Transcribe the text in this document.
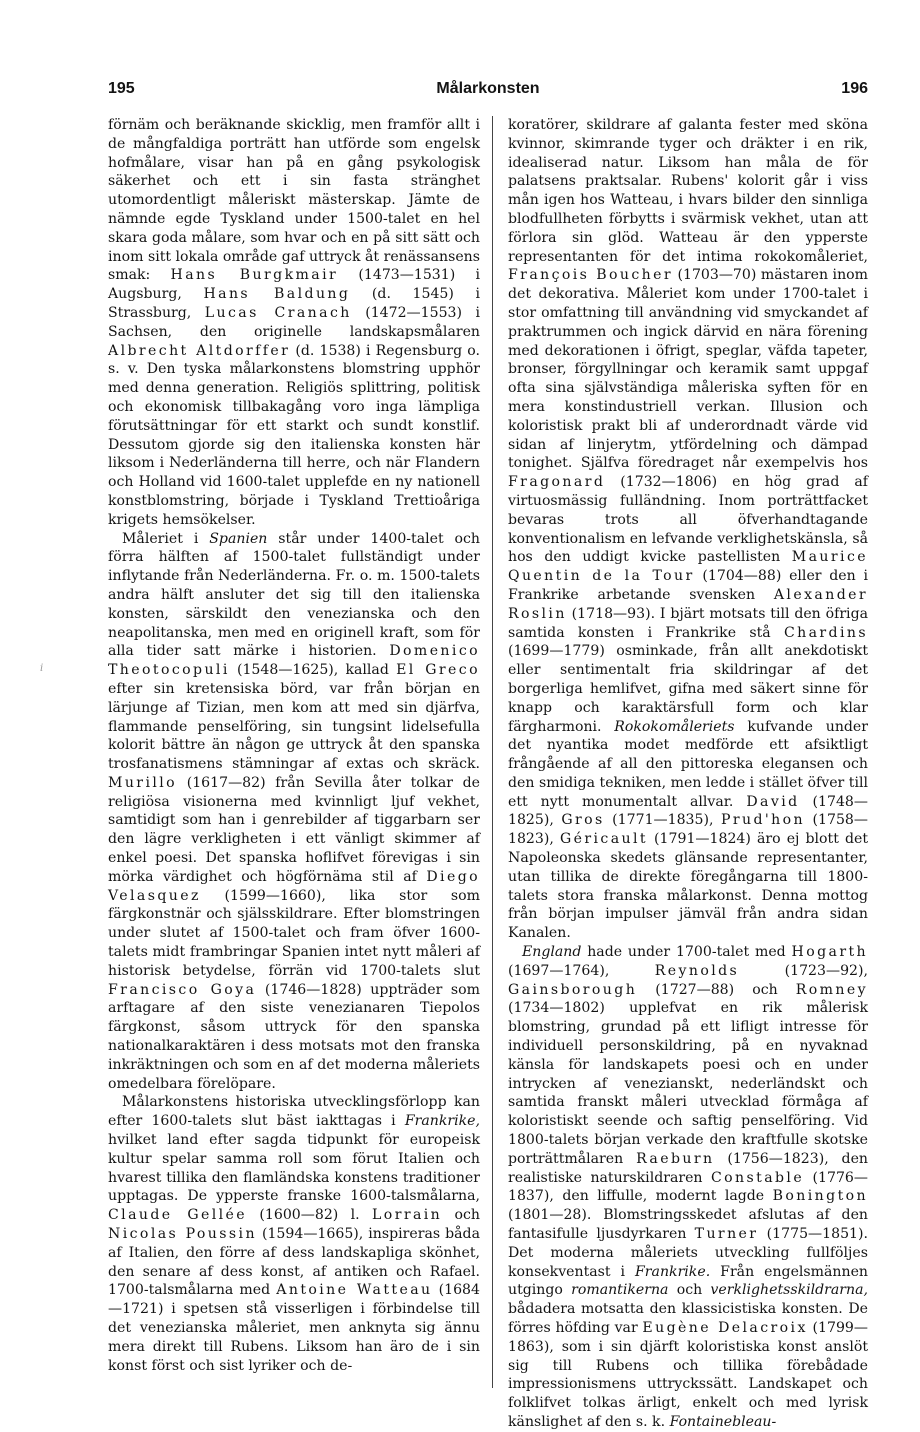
195	Målarkonsten	196
i

förnäm och beräknande skicklig, men framför allt i de mångfaldiga porträtt han utförde som engelsk hofmålare, visar han på en gång psykologisk säkerhet och ett i sin fasta stränghet utomordentligt måleriskt mästerskap. Jämte de nämnde egde Tyskland under 1500-talet en hel skara goda målare, som hvar och en på sitt sätt och inom sitt lokala område gaf uttryck åt renässansens smak: Hans Burgkmair (1473—1531) i Augsburg, Hans Baldung (d. 1545) i Strassburg, Lucas Cranach (1472—1553) i Sachsen, den originelle landskapsmålaren Albrecht Altdorffer (d. 1538) i Regensburg o. s. v. Den tyska målarkonstens blomstring upphör med denna generation. Religiös splittring, politisk och ekonomisk tillbakagång voro inga lämpliga förutsättningar för ett starkt och sundt konstlif. Dessutom gjorde sig den italienska konsten här liksom i Nederländerna till herre, och när Flandern och Holland vid 1600-talet upplefde en ny nationell konstblomstring, började i Tyskland Trettioåriga krigets hemsökelser.

Måleriet i Spanien står under 1400-talet och förra hälften af 1500-talet fullständigt under inflytande från Nederländerna. Fr. o. m. 1500-talets andra hälft ansluter det sig till den italienska konsten, särskildt den venezianska och den neapolitanska, men med en originell kraft, som för alla tider satt märke i historien. Domenico Theotocopuli (1548—1625), kallad El Greco efter sin kretensiska börd, var från början en lärjunge af Tizian, men kom att med sin djärfva, flammande penselföring, sin tungsint lidelsefulla kolorit bättre än någon ge uttryck åt den spanska trosfanatismens stämningar af extas och skräck. Murillo (1617—82) från Sevilla åter tolkar de religiösa visionerna med kvinnligt ljuf vekhet, samtidigt som han i genrebilder af tiggarbarn ser den lägre verkligheten i ett vänligt skimmer af enkel poesi. Det spanska hoflifvet förevigas i sin mörka värdighet och högförnäma stil af Diego Velasquez (1599—1660), lika stor som färgkonstnär och själsskildrare. Efter blomstringen under slutet af 1500-talet och fram öfver 1600-talets midt frambringar Spanien intet nytt måleri af historisk betydelse, förrän vid 1700-talets slut Francisco Goya (1746—1828) uppträder som arftagare af den siste venezianaren Tiepolos färgkonst, såsom uttryck för den spanska nationalkaraktären i dess motsats mot den franska inkräktningen och som en af det moderna måleriets omedelbara förelöpare.

Målarkonstens historiska utvecklingsförlopp kan efter 1600-talets slut bäst iakttagas i Frankrike, hvilket land efter sagda tidpunkt för europeisk kultur spelar samma roll som förut Italien och hvarest tillika den flamländska konstens traditioner upptagas. De ypperste franske 1600-talsmålarna, Claude Gellée (1600—82) l. Lorrain och Nicolas Poussin (1594—1665), inspireras båda af Italien, den förre af dess landskapliga skönhet, den senare af dess konst, af antiken och Rafael. 1700-talsmålarna med Antoine Watteau (1684—1721) i spetsen stå visserligen i förbindelse till det venezianska måleriet, men anknyta sig ännu mera direkt till Rubens. Liksom han äro de i sin konst först och sist lyriker och de-

koratörer, skildrare af galanta fester med sköna kvinnor, skimrande tyger och dräkter i en rik, idealiserad natur. Liksom han måla de för palatsens praktsalar. Rubens' kolorit går i viss mån igen hos Watteau, i hvars bilder den sinnliga blodfullheten förbytts i svärmisk vekhet, utan att förlora sin glöd. Watteau är den ypperste representanten för det intima rokokomåleriet, François Boucher (1703—70) mästaren inom det dekorativa. Måleriet kom under 1700-talet i stor omfattning till användning vid smyckandet af praktrummen och ingick därvid en nära förening med dekorationen i öfrigt, speglar, väfda tapeter, bronser, förgyllningar och keramik samt uppgaf ofta sina självständiga måleriska syften för en mera konstindustriell verkan. Illusion och koloristisk prakt bli af underordnadt värde vid sidan af linjerytm, ytfördelning och dämpad tonighet. Själfva föredraget når exempelvis hos Fragonard (1732—1806) en hög grad af virtuosmässig fulländning. Inom porträttfacket bevaras trots all öfverhandtagande konventionalism en lefvande verklighetskänsla, så hos den uddigt kvicke pastellisten Maurice Quentin de la Tour (1704—88) eller den i Frankrike arbetande svensken Alexander Roslin (1718—93). I bjärt motsats till den öfriga samtida konsten i Frankrike stå Chardins (1699—1779) osminkade, från allt anekdotiskt eller sentimentalt fria skildringar af det borgerliga hemlifvet, gifna med säkert sinne för knapp och karaktärsfull form och klar färgharmoni. Rokokomåleriets kufvande under det nyantika modet medförde ett afsiktligt frångående af all den pittoreska elegansen och den smidiga tekniken, men ledde i stället öfver till ett nytt monumentalt allvar. David (1748—1825), Gros (1771—1835), Prud'hon (1758—1823), Géricault (1791—1824) äro ej blott det Napoleonska skedets glänsande representanter, utan tillika de direkte föregångarna till 1800-talets stora franska målarkonst. Denna mottog från början impulser jämväl från andra sidan Kanalen.

England hade under 1700-talet med Hogarth (1697—1764), Reynolds (1723—92), Gainsborough (1727—88) och Romney (1734—1802) upplefvat en rik målerisk blomstring, grundad på ett lifligt intresse för individuell personskildring, på en nyvaknad känsla för landskapets poesi och en under intrycken af venezianskt, nederländskt och samtida franskt måleri utvecklad förmåga af koloristiskt seende och saftig penselföring. Vid 1800-talets början verkade den kraftfulle skotske porträttmålaren Raeburn (1756—1823), den realistiske naturskildraren Constable (1776—1837), den liffulle, modernt lagde Bonington (1801—28). Blomstringsskedet afslutas af den fantasifulle ljusdyrkaren Turner (1775—1851). Det moderna måleriets utveckling fullföljes konsekventast i Frankrike. Från engelsmännen utgingo romantikerna och verklighetsskildrarna, bådadera motsatta den klassicistiska konsten. De förres höfding var Eugène Delacroix (1799—1863), som i sin djärft koloristiska konst anslöt sig till Rubens och tillika förebådade impressionismens uttryckssätt. Landskapet och folklifvet tolkas ärligt, enkelt och med lyrisk känslighet af den s. k. Fontainebleau-
